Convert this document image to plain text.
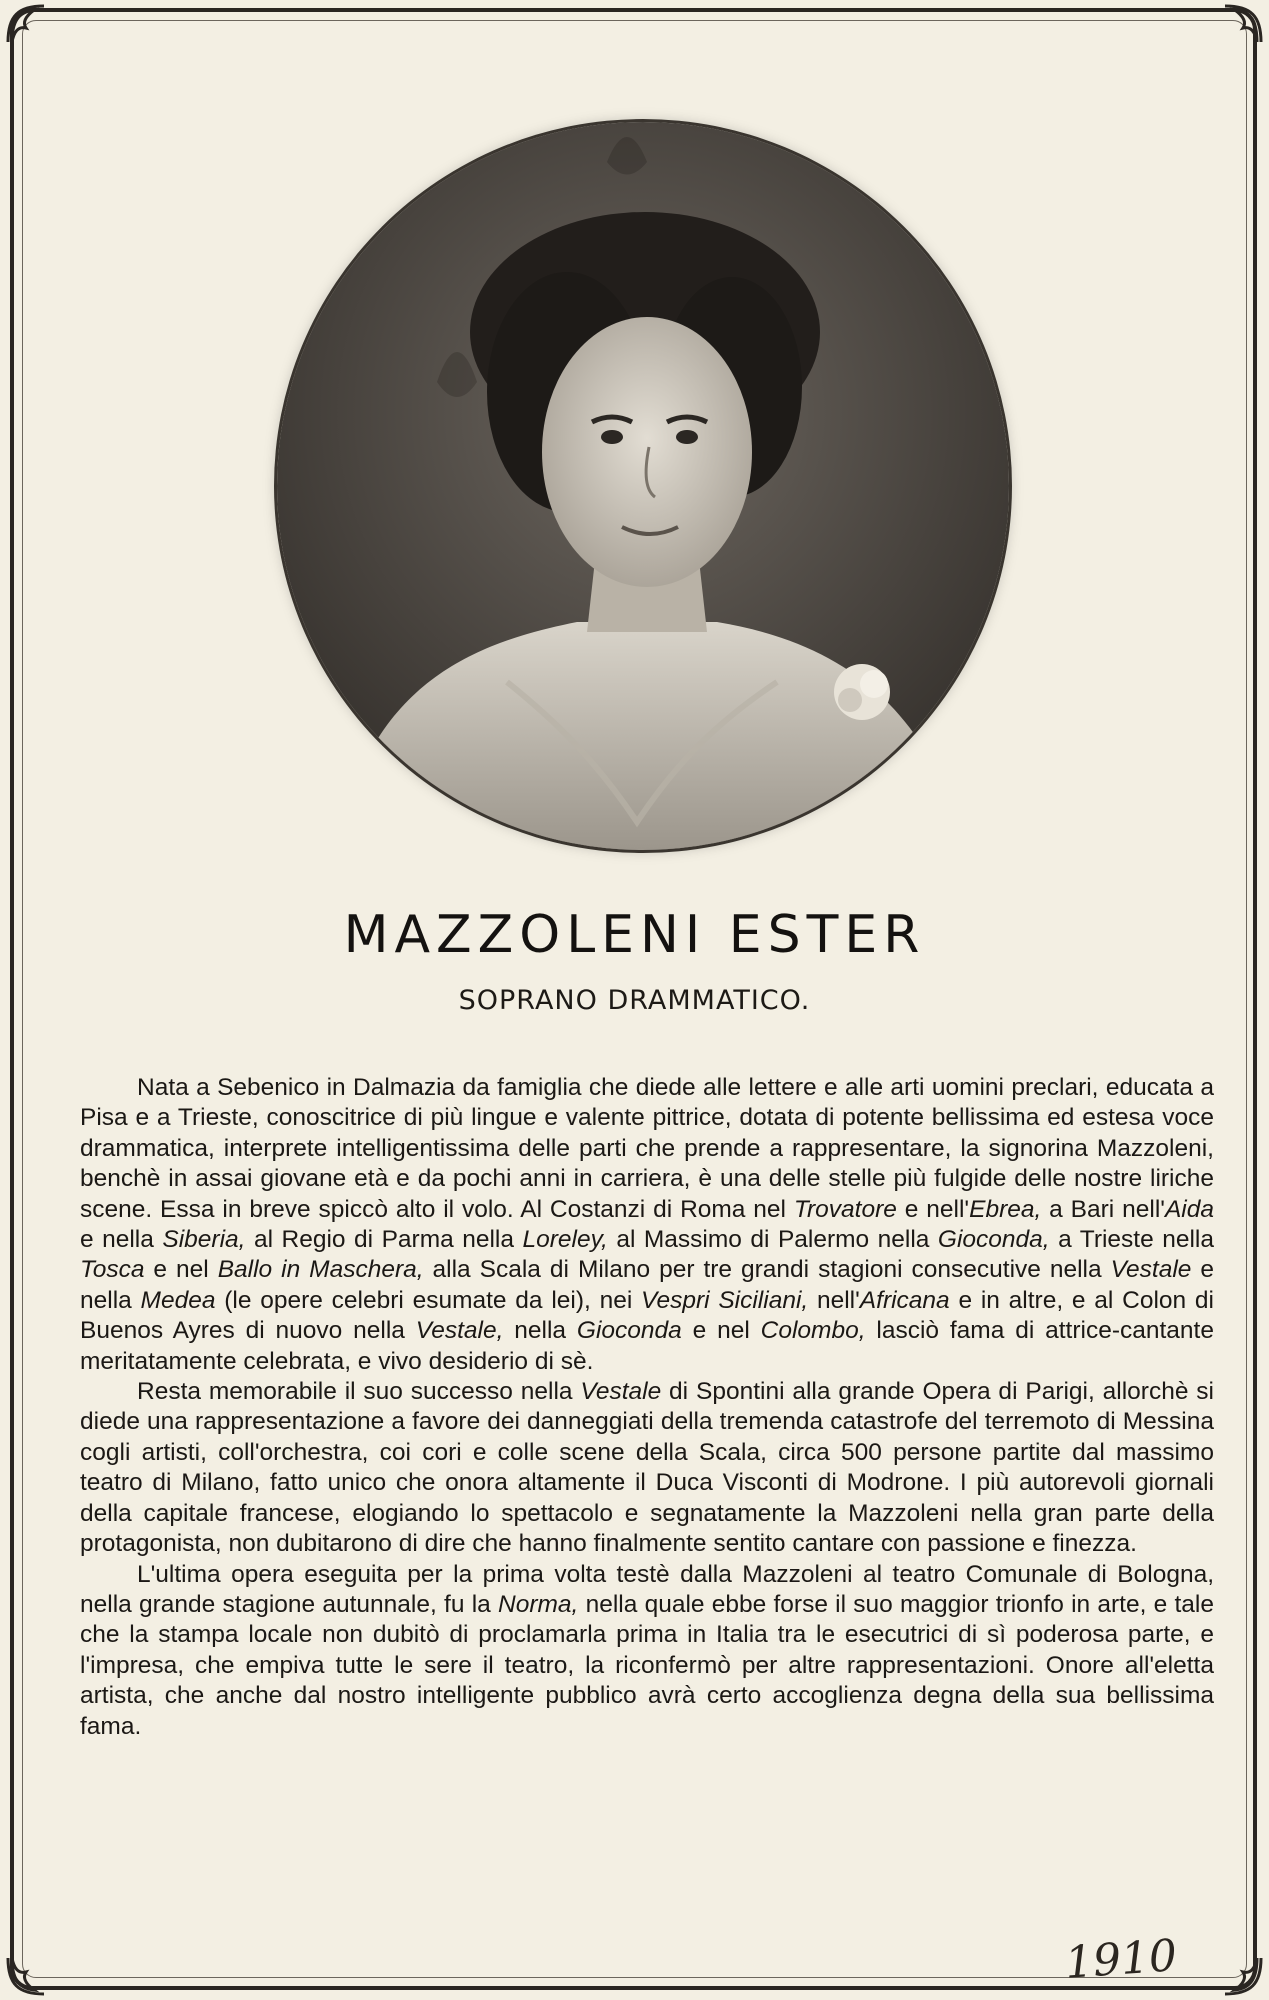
MAZZOLENI ESTER
SOPRANO DRAMMATICO.

Nata a Sebenico in Dalmazia da famiglia che diede alle lettere e alle arti uomini preclari, educata a Pisa e a Trieste, conoscitrice di più lingue e valente pittrice, dotata di potente bellissima ed estesa voce drammatica, interprete intelligentissima delle parti che prende a rappresentare, la signorina Mazzoleni, benchè in assai giovane età e da pochi anni in carriera, è una delle stelle più fulgide delle nostre liriche scene. Essa in breve spiccò alto il volo. Al Costanzi di Roma nel Trovatore e nell'Ebrea, a Bari nell'Aida e nella Siberia, al Regio di Parma nella Loreley, al Massimo di Palermo nella Gioconda, a Trieste nella Tosca e nel Ballo in Maschera, alla Scala di Milano per tre grandi stagioni consecutive nella Vestale e nella Medea (le opere celebri esumate da lei), nei Vespri Siciliani, nell'Africana e in altre, e al Colon di Buenos Ayres di nuovo nella Vestale, nella Gioconda e nel Colombo, lasciò fama di attrice-cantante meritatamente celebrata, e vivo desiderio di sè.

Resta memorabile il suo successo nella Vestale di Spontini alla grande Opera di Parigi, allorchè si diede una rappresentazione a favore dei danneggiati della tremenda catastrofe del terremoto di Messina cogli artisti, coll'orchestra, coi cori e colle scene della Scala, circa 500 persone partite dal massimo teatro di Milano, fatto unico che onora altamente il Duca Visconti di Modrone. I più autorevoli giornali della capitale francese, elogiando lo spettacolo e segnatamente la Mazzoleni nella gran parte della protagonista, non dubitarono di dire che hanno finalmente sentito cantare con passione e finezza.

L'ultima opera eseguita per la prima volta testè dalla Mazzoleni al teatro Comunale di Bologna, nella grande stagione autunnale, fu la Norma, nella quale ebbe forse il suo maggior trionfo in arte, e tale che la stampa locale non dubitò di proclamarla prima in Italia tra le esecutrici di sì poderosa parte, e l'impresa, che empiva tutte le sere il teatro, la riconfermò per altre rappresentazioni. Onore all'eletta artista, che anche dal nostro intelligente pubblico avrà certo accoglienza degna della sua bellissima fama.

1910
